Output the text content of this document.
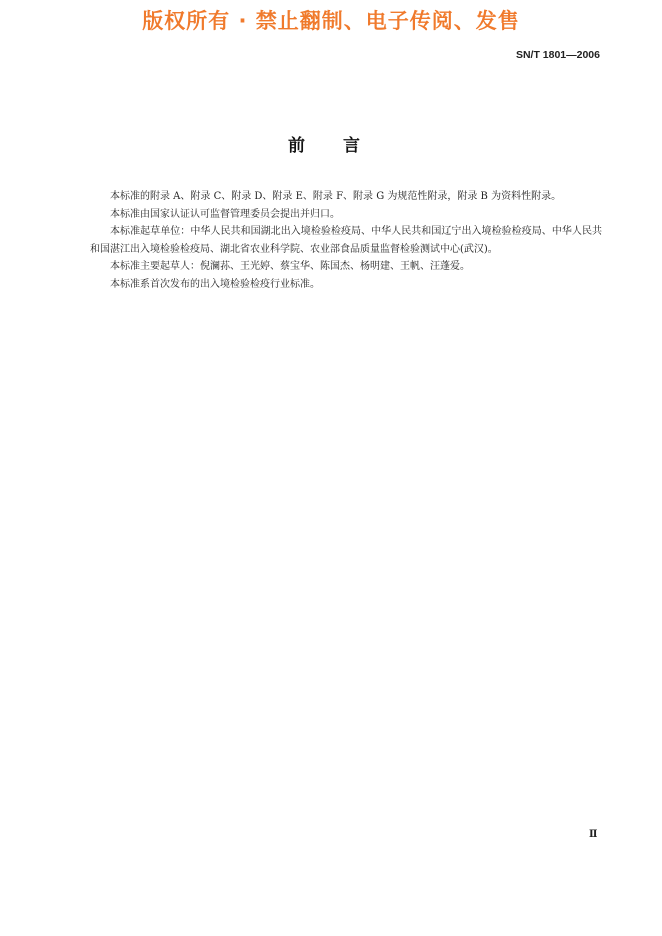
版权所有 · 禁止翻制、电子传阅、发售
SN/T 1801—2006
前言

本标准的附录 A、附录 C、附录 D、附录 E、附录 F、附录 G 为规范性附录，附录 B 为资料性附录。

本标准由国家认证认可监督管理委员会提出并归口。

本标准起草单位：中华人民共和国湖北出入境检验检疫局、中华人民共和国辽宁出入境检验检疫局、中华人民共和国湛江出入境检验检疫局、湖北省农业科学院、农业部食品质量监督检验测试中心(武汉)。

本标准主要起草人：倪澜荪、王光婷、蔡宝华、陈国杰、杨明建、王帆、汪蓬爱。

本标准系首次发布的出入境检验检疫行业标准。

Ⅱ
